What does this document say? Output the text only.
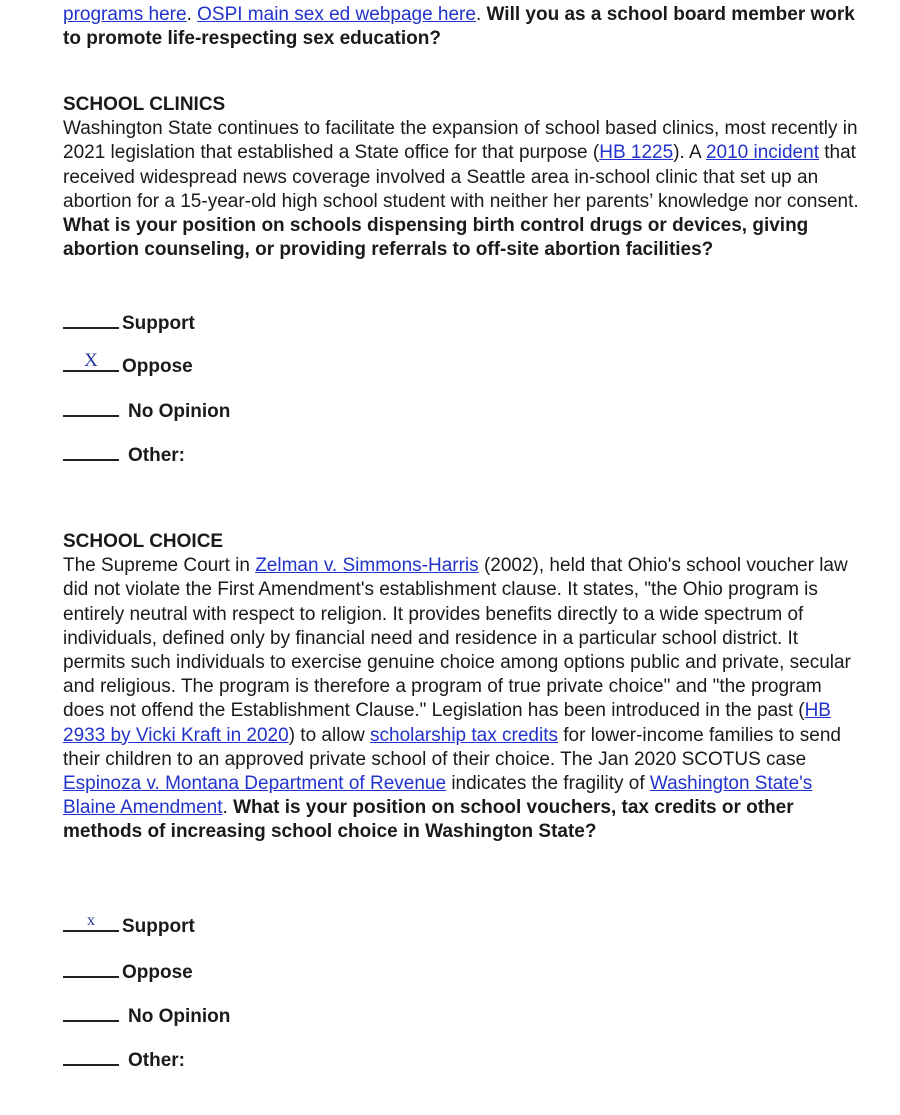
programs here. OSPI main sex ed webpage here. Will you as a school board member work to promote life-respecting sex education?

SCHOOL CLINICS

Washington State continues to facilitate the expansion of school based clinics, most recently in 2021 legislation that established a State office for that purpose (HB 1225). A 2010 incident that received widespread news coverage involved a Seattle area in-school clinic that set up an abortion for a 15-year-old high school student with neither her parents’ knowledge nor consent. What is your position on schools dispensing birth control drugs or devices, giving abortion counseling, or providing referrals to off-site abortion facilities?

Support
X	Oppose
No Opinion
Other:
SCHOOL CHOICE

The Supreme Court in Zelman v. Simmons-Harris (2002), held that Ohio's school voucher law did not violate the First Amendment's establishment clause. It states, "the Ohio program is entirely neutral with respect to religion. It provides benefits directly to a wide spectrum of individuals, defined only by financial need and residence in a particular school district. It permits such individuals to exercise genuine choice among options public and private, secular and religious. The program is therefore a program of true private choice" and "the program does not offend the Establishment Clause." Legislation has been introduced in the past (HB 2933 by Vicki Kraft in 2020) to allow scholarship tax credits for lower-income families to send their children to an approved private school of their choice. The Jan 2020 SCOTUS case Espinoza v. Montana Department of Revenue indicates the fragility of Washington State's Blaine Amendment. What is your position on school vouchers, tax credits or other methods of increasing school choice in Washington State?

x	Support
Oppose
No Opinion
Other:
